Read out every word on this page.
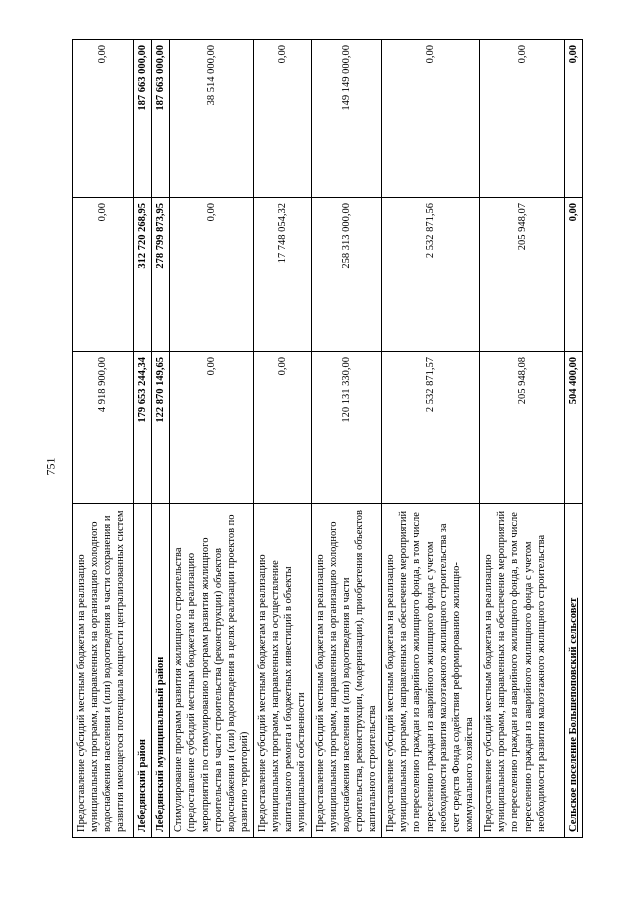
751
Предоставление субсидий местным бюджетам на реализацию муниципальных программ, направленных на организацию холодного водоснабжения населения и (или) водоотведения в части сохранения и развития имеющегося потенциала мощности централизованных систем	4 918 900,00	0,00	0,00
Лебедянский район	179 653 244,34	312 720 268,95	187 663 000,00
Лебедянский муниципальный район	122 870 149,65	278 799 873,95	187 663 000,00
Стимулирование программ развития жилищного строительства (предоставление субсидий местным бюджетам на реализацию мероприятий по стимулированию программ развития жилищного строительства в части строительства (реконструкции) объектов водоснабжения и (или) водоотведения в целях реализации проектов по развитию территорий)	0,00	0,00	38 514 000,00
Предоставление субсидий местным бюджетам на реализацию муниципальных программ, направленных на осуществление капитального ремонта и бюджетных инвестиций в объекты муниципальной собственности	0,00	17 748 054,32	0,00
Предоставление субсидий местным бюджетам на реализацию муниципальных программ, направленных на организацию холодного водоснабжения населения и (или) водоотведения в части строительства, реконструкции, (модернизации), приобретения объектов капитального строительства	120 131 330,00	258 313 000,00	149 149 000,00
Предоставление субсидий местным бюджетам на реализацию муниципальных программ, направленных на обеспечение мероприятий по переселению граждан из аварийного жилищного фонда, в том числе переселению граждан из аварийного жилищного фонда с учетом необходимости развития малоэтажного жилищного строительства за счет средств Фонда содействия реформированию жилищно-коммунального хозяйства	2 532 871,57	2 532 871,56	0,00
Предоставление субсидий местным бюджетам на реализацию муниципальных программ, направленных на обеспечение мероприятий по переселению граждан из аварийного жилищного фонда, в том числе переселению граждан из аварийного жилищного фонда с учетом необходимости развития малоэтажного жилищного строительства	205 948,08	205 948,07	0,00
Сельское поселение Большепоповский сельсовет	504 400,00	0,00	0,00
